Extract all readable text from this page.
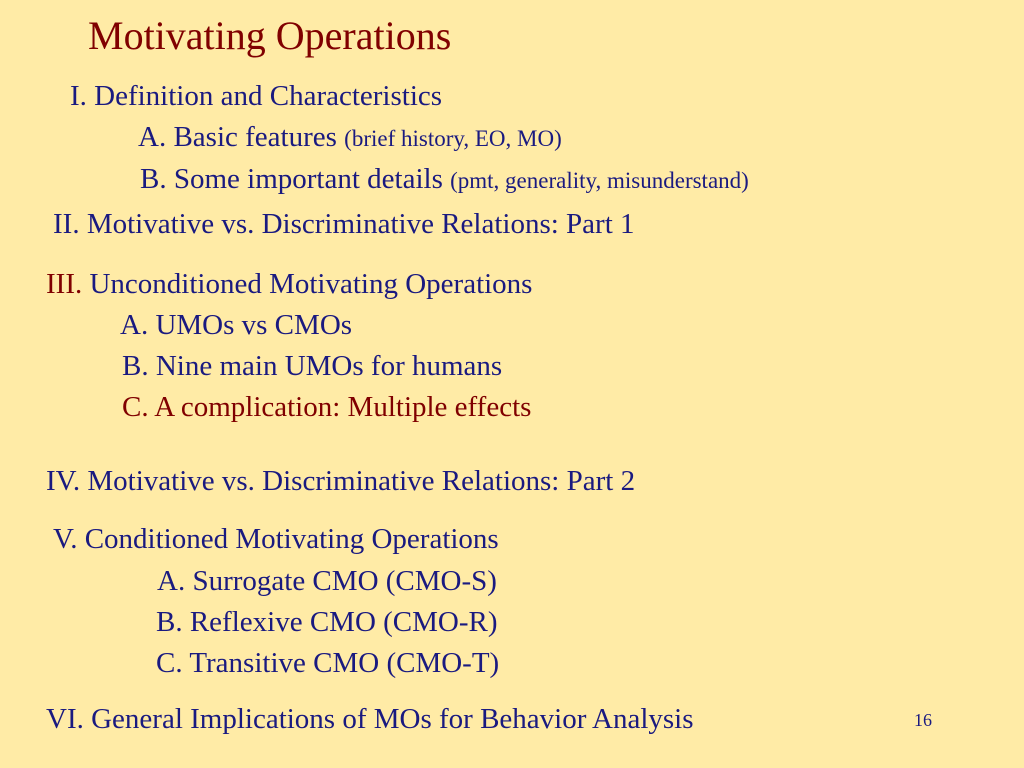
Motivating Operations
I. Definition and Characteristics
A. Basic features (brief history, EO, MO)
B. Some important details (pmt, generality, misunderstand)
II. Motivative vs. Discriminative Relations: Part 1
III. Unconditioned Motivating Operations
A. UMOs vs CMOs
B. Nine main UMOs for humans
C. A complication: Multiple effects
IV. Motivative vs. Discriminative Relations: Part 2
V. Conditioned Motivating Operations
A. Surrogate CMO (CMO-S)
B. Reflexive CMO (CMO-R)
C. Transitive CMO (CMO-T)
VI. General Implications of MOs for Behavior Analysis	16
